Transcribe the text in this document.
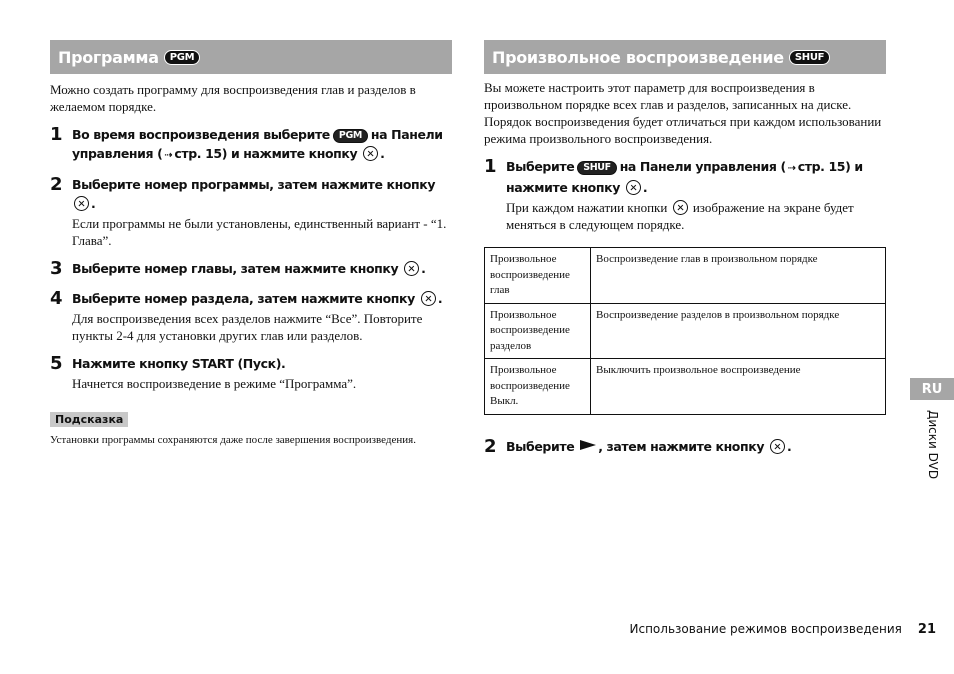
Программа	PGM

Можно создать программу для воспроизведения глав и разделов в желаемом порядке.

1 Во время воспроизведения выберите PGM на Панели управления ( ⇢ стр. 15) и нажмите кнопку .
2 Выберите номер программы, затем нажмите кнопку .
Если программы не были установлены, единственный вариант - “1. Глава”.
3 Выберите номер главы, затем нажмите кнопку .
4 Выберите номер раздела, затем нажмите кнопку .
Для воспроизведения всех разделов нажмите “Все”. Повторите пункты 2-4 для установки других глав или разделов.
5 Нажмите кнопку START (Пуск).
Начнется воспроизведение в режиме “Программа”.
Подсказка
Установки программы сохраняются даже после завершения воспроизведения.
Произвольное воспроизведение	SHUF

Вы можете настроить этот параметр для воспроизведения в произвольном порядке всех глав и разделов, записанных на диске. Порядок воспроизведения будет отличаться при каждом использовании режима произвольного воспроизведения.

1 Выберите SHUF на Панели управления ( ⇢ стр. 15) и нажмите кнопку .
При каждом нажатии кнопки изображение на экране будет меняться в следующем порядке.
Произвольное воспроизведение глав	Воспроизведение глав в произвольном порядке
Произвольное воспроизведение разделов	Воспроизведение разделов в произвольном порядке
Произвольное воспроизведение Выкл.	Выключить произвольное воспроизведение
2 Выберите , затем нажмите кнопку .
RU
Диски DVD
Использование режимов воспроизведения 21
